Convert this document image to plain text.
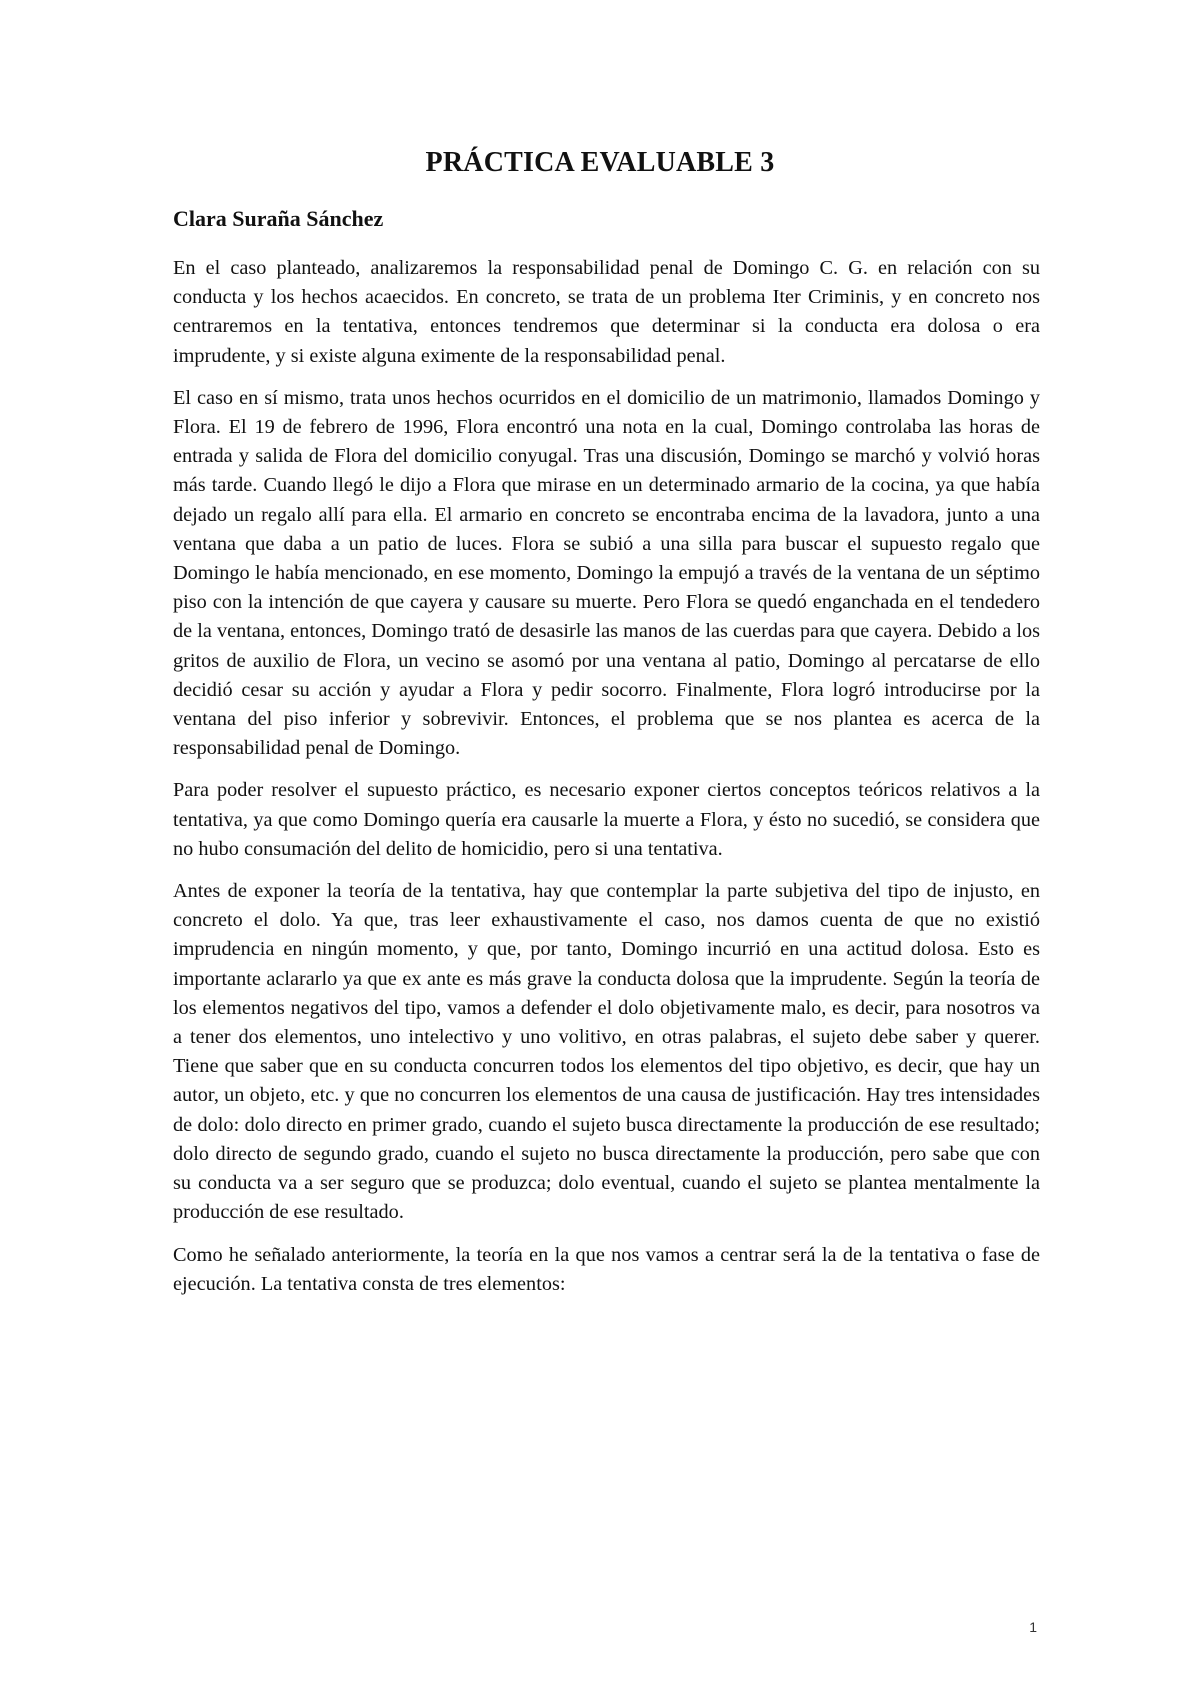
PRÁCTICA EVALUABLE 3
Clara Suraña Sánchez

En el caso planteado, analizaremos la responsabilidad penal de Domingo C. G. en relación con su conducta y los hechos acaecidos. En concreto, se trata de un problema Iter Criminis, y en concreto nos centraremos en la tentativa, entonces tendremos que determinar si la conducta era dolosa o era imprudente, y si existe alguna eximente de la responsabilidad penal.

El caso en sí mismo, trata unos hechos ocurridos en el domicilio de un matrimonio, llamados Domingo y Flora. El 19 de febrero de 1996, Flora encontró una nota en la cual, Domingo controlaba las horas de entrada y salida de Flora del domicilio conyugal. Tras una discusión, Domingo se marchó y volvió horas más tarde. Cuando llegó le dijo a Flora que mirase en un determinado armario de la cocina, ya que había dejado un regalo allí para ella. El armario en concreto se encontraba encima de la lavadora, junto a una ventana que daba a un patio de luces. Flora se subió a una silla para buscar el supuesto regalo que Domingo le había mencionado, en ese momento, Domingo la empujó a través de la ventana de un séptimo piso con la intención de que cayera y causare su muerte. Pero Flora se quedó enganchada en el tendedero de la ventana, entonces, Domingo trató de desasirle las manos de las cuerdas para que cayera. Debido a los gritos de auxilio de Flora, un vecino se asomó por una ventana al patio, Domingo al percatarse de ello decidió cesar su acción y ayudar a Flora y pedir socorro. Finalmente, Flora logró introducirse por la ventana del piso inferior y sobrevivir. Entonces, el problema que se nos plantea es acerca de la responsabilidad penal de Domingo.

Para poder resolver el supuesto práctico, es necesario exponer ciertos conceptos teóricos relativos a la tentativa, ya que como Domingo quería era causarle la muerte a Flora, y ésto no sucedió, se considera que no hubo consumación del delito de homicidio, pero si una tentativa.

Antes de exponer la teoría de la tentativa, hay que contemplar la parte subjetiva del tipo de injusto, en concreto el dolo. Ya que, tras leer exhaustivamente el caso, nos damos cuenta de que no existió imprudencia en ningún momento, y que, por tanto, Domingo incurrió en una actitud dolosa. Esto es importante aclararlo ya que ex ante es más grave la conducta dolosa que la imprudente. Según la teoría de los elementos negativos del tipo, vamos a defender el dolo objetivamente malo, es decir, para nosotros va a tener dos elementos, uno intelectivo y uno volitivo, en otras palabras, el sujeto debe saber y querer. Tiene que saber que en su conducta concurren todos los elementos del tipo objetivo, es decir, que hay un autor, un objeto, etc. y que no concurren los elementos de una causa de justificación. Hay tres intensidades de dolo: dolo directo en primer grado, cuando el sujeto busca directamente la producción de ese resultado; dolo directo de segundo grado, cuando el sujeto no busca directamente la producción, pero sabe que con su conducta va a ser seguro que se produzca; dolo eventual, cuando el sujeto se plantea mentalmente la producción de ese resultado.

Como he señalado anteriormente, la teoría en la que nos vamos a centrar será la de la tentativa o fase de ejecución. La tentativa consta de tres elementos:

1
